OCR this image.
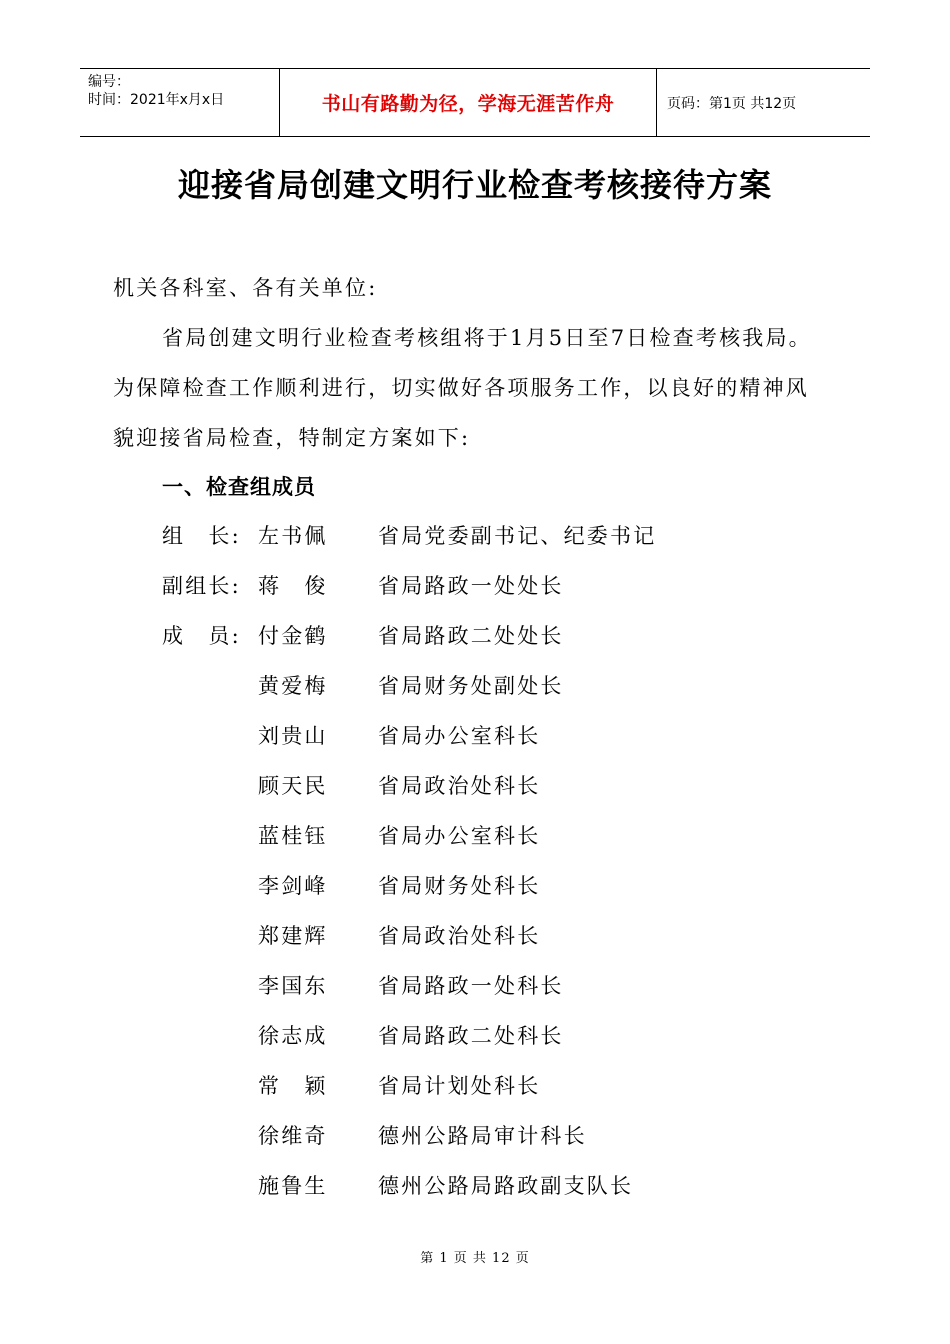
编号：
时间：2021年x月x日	书山有路勤为径，学海无涯苦作舟	页码：第1页 共12页
迎接省局创建文明行业检查考核接待方案
机关各科室、各有关单位:
省局创建文明行业检查考核组将于1月5日至7日检查考核我局。
为保障检查工作顺利进行，切实做好各项服务工作，以良好的精神风
貌迎接省局检查，特制定方案如下:
一、检查组成员
组　长: 左书佩 省局党委副书记、纪委书记
副组长: 蒋　俊 省局路政一处处长
成　员: 付金鹤 省局路政二处处长
黄爱梅 省局财务处副处长
刘贵山 省局办公室科长
顾天民 省局政治处科长
蓝桂钰 省局办公室科长
李剑峰 省局财务处科长
郑建辉 省局政治处科长
李国东 省局路政一处科长
徐志成 省局路政二处科长
常　颖 省局计划处科长
徐维奇 德州公路局审计科长
施鲁生 德州公路局路政副支队长
第 1 页 共 12 页
